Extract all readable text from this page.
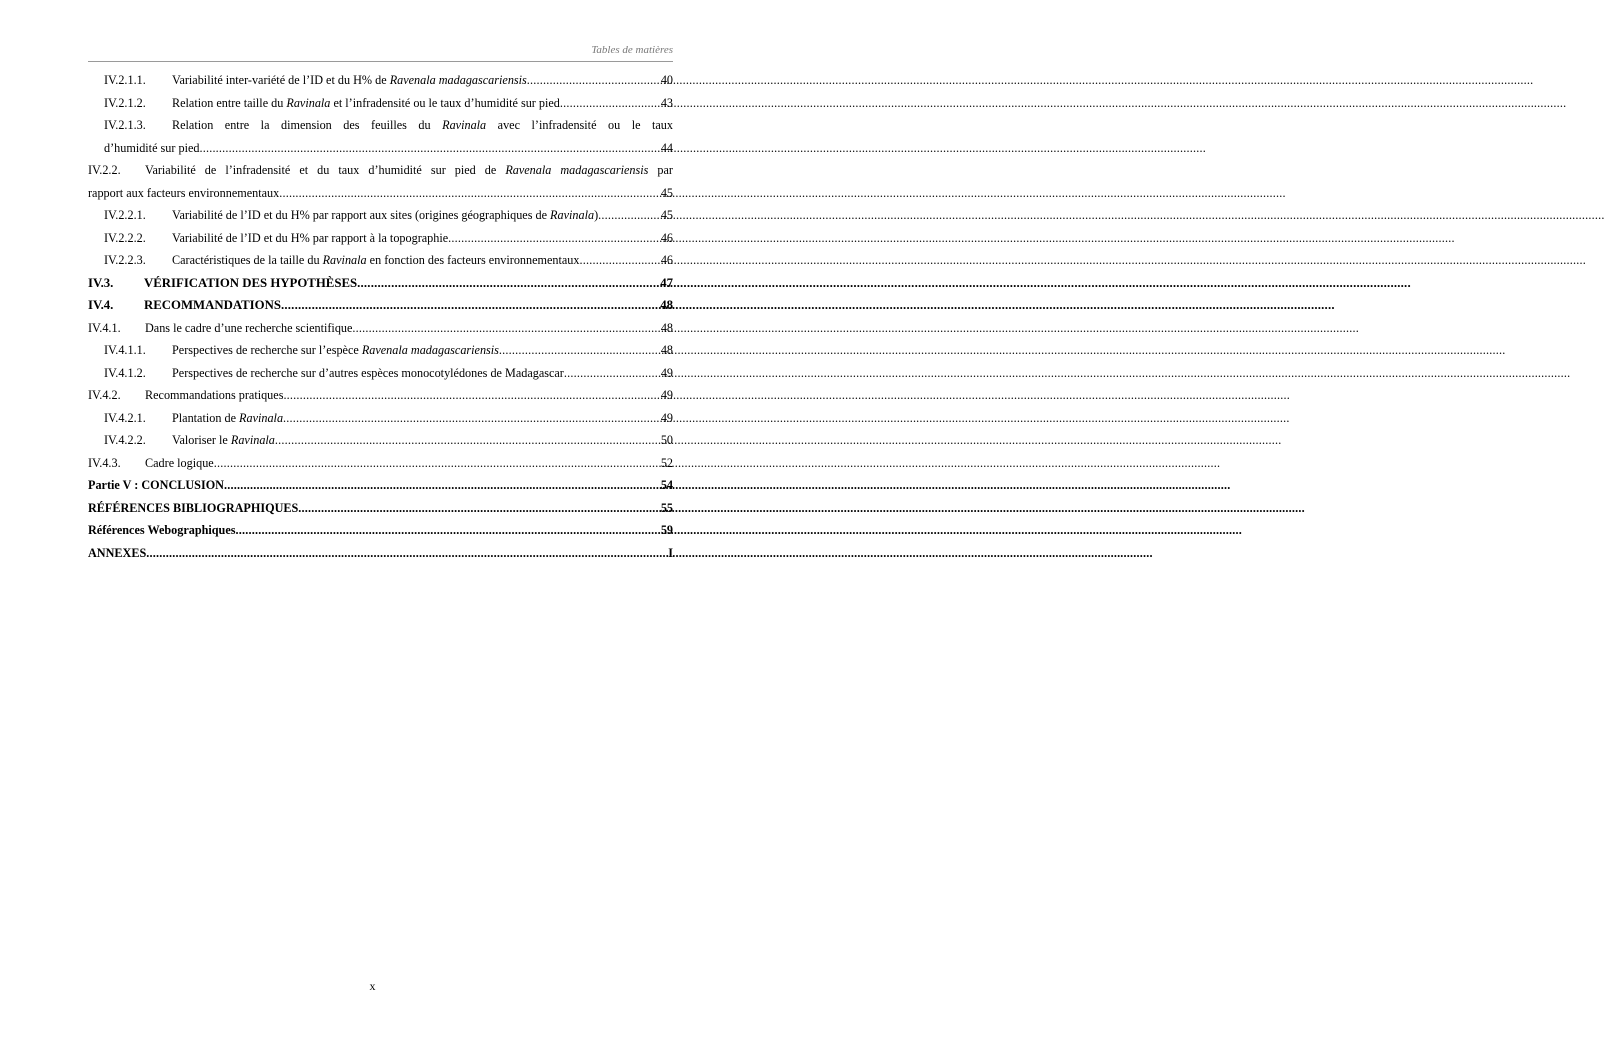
Tables de matières
IV.2.1.1.	Variabilité inter-variété de l’ID et du H% de Ravenala madagascariensis .....	40
IV.2.1.2.	Relation entre taille du Ravinala et l’infradensité ou le taux d’humidité sur pied .....	43
IV.2.1.3.	Relation entre la dimension des feuilles du Ravinala avec l’infradensité ou le taux
d’humidité sur pied .....	44
IV.2.2.	Variabilité de l’infradensité et du taux d’humidité sur pied de Ravenala madagascariensis par
rapport aux facteurs environnementaux .....	45
IV.2.2.1.	Variabilité de l’ID et du H% par rapport aux sites (origines géographiques de Ravinala) .....	45
IV.2.2.2.	Variabilité de l’ID et du H% par rapport à la topographie .....	46
IV.2.2.3.	Caractéristiques de la taille du Ravinala en fonction des facteurs environnementaux .....	46
IV.3.	VÉRIFICATION DES HYPOTHÈSES .....	47
IV.4.	RECOMMANDATIONS .....	48
IV.4.1.	Dans le cadre d’une recherche scientifique .....	48
IV.4.1.1.	Perspectives de recherche sur l’espèce Ravenala madagascariensis .....	48
IV.4.1.2.	Perspectives de recherche sur d’autres espèces monocotylédones de Madagascar .....	49
IV.4.2.	Recommandations pratiques .....	49
IV.4.2.1.	Plantation de Ravinala .....	49
IV.4.2.2.	Valoriser le Ravinala .....	50
IV.4.3.	Cadre logique .....	52
Partie V : CONCLUSION .....	54
RÉFÉRENCES BIBLIOGRAPHIQUES .....	55
Références Webographiques .....	59
ANNEXES .....	I
x
